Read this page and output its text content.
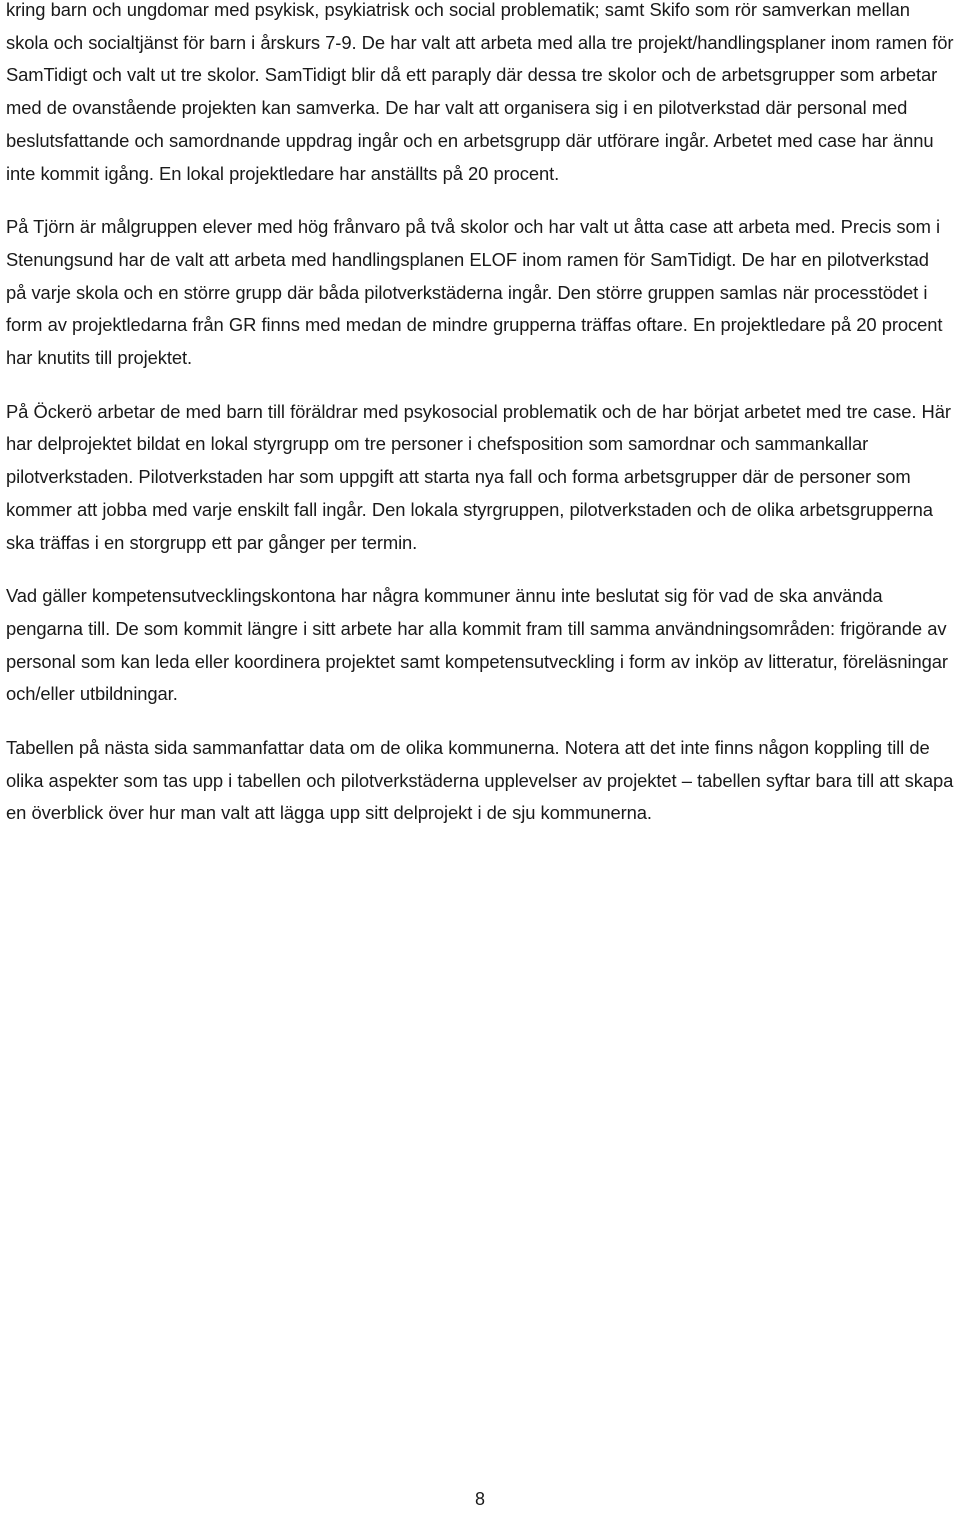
kring barn och ungdomar med psykisk, psykiatrisk och social problematik; samt Skifo som rör samverkan mellan skola och socialtjänst för barn i årskurs 7-9. De har valt att arbeta med alla tre projekt/handlingsplaner inom ramen för SamTidigt och valt ut tre skolor. SamTidigt blir då ett paraply där dessa tre skolor och de arbetsgrupper som arbetar med de ovanstående projekten kan samverka. De har valt att organisera sig i en pilotverkstad där personal med beslutsfattande och samordnande uppdrag ingår och en arbetsgrupp där utförare ingår. Arbetet med case har ännu inte kommit igång. En lokal projektledare har anställts på 20 procent.

På Tjörn är målgruppen elever med hög frånvaro på två skolor och har valt ut åtta case att arbeta med. Precis som i Stenungsund har de valt att arbeta med handlingsplanen ELOF inom ramen för SamTidigt. De har en pilotverkstad på varje skola och en större grupp där båda pilotverkstäderna ingår. Den större gruppen samlas när processtödet i form av projektledarna från GR finns med medan de mindre grupperna träffas oftare. En projektledare på 20 procent har knutits till projektet.

På Öckerö arbetar de med barn till föräldrar med psykosocial problematik och de har börjat arbetet med tre case. Här har delprojektet bildat en lokal styrgrupp om tre personer i chefsposition som samordnar och sammankallar pilotverkstaden. Pilotverkstaden har som uppgift att starta nya fall och forma arbetsgrupper där de personer som kommer att jobba med varje enskilt fall ingår. Den lokala styrgruppen, pilotverkstaden och de olika arbetsgrupperna ska träffas i en storgrupp ett par gånger per termin.

Vad gäller kompetensutvecklingskontona har några kommuner ännu inte beslutat sig för vad de ska använda pengarna till. De som kommit längre i sitt arbete har alla kommit fram till samma användningsområden: frigörande av personal som kan leda eller koordinera projektet samt kompetensutveckling i form av inköp av litteratur, föreläsningar och/eller utbildningar.

Tabellen på nästa sida sammanfattar data om de olika kommunerna. Notera att det inte finns någon koppling till de olika aspekter som tas upp i tabellen och pilotverkstäderna upplevelser av projektet – tabellen syftar bara till att skapa en överblick över hur man valt att lägga upp sitt delprojekt i de sju kommunerna.

8
